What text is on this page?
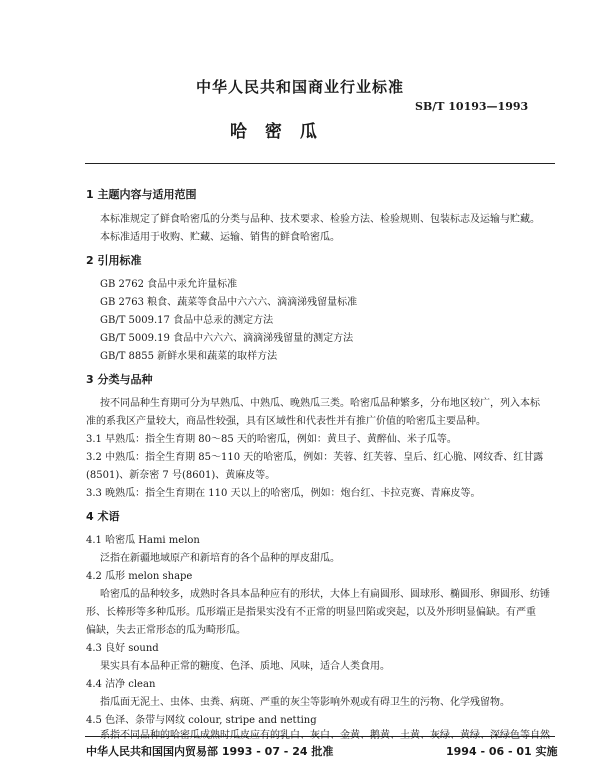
中华人民共和国商业行业标准
SB/T 10193—1993
哈 密 瓜
1 主题内容与适用范围
本标准规定了鲜食哈密瓜的分类与品种、技术要求、检验方法、检验规则、包装标志及运输与贮藏。
本标准适用于收购、贮藏、运输、销售的鲜食哈密瓜。
2 引用标准
GB 2762 食品中汞允许量标准
GB 2763 粮食、蔬菜等食品中六六六、滴滴涕残留量标准
GB/T 5009.17 食品中总汞的测定方法
GB/T 5009.19 食品中六六六、滴滴涕残留量的测定方法
GB/T 8855 新鲜水果和蔬菜的取样方法
3 分类与品种
按不同品种生育期可分为早熟瓜、中熟瓜、晚熟瓜三类。哈密瓜品种繁多，分布地区较广，列入本标
准的系我区产量较大，商品性较强，具有区域性和代表性并有推广价值的哈密瓜主要品种。
3.1 早熟瓜：指全生育期 80～85 天的哈密瓜，例如：黄旦子、黄醉仙、米子瓜等。
3.2 中熟瓜：指全生育期 85～110 天的哈密瓜，例如：芙蓉、红芙蓉、皇后、红心脆、网纹香、红甘露
(8501)、新奈密 7 号(8601)、黄麻皮等。
3.3 晚熟瓜：指全生育期在 110 天以上的哈密瓜，例如：炮台红、卡拉克赛、青麻皮等。
4 术语
4.1 哈密瓜 Hami melon
泛指在新疆地域原产和新培育的各个品种的厚皮甜瓜。
4.2 瓜形 melon shape
哈密瓜的品种较多，成熟时各具本品种应有的形状，大体上有扁圆形、圆球形、椭圆形、卵圆形、纺锤
形、长棒形等多种瓜形。瓜形端正是指果实没有不正常的明显凹陷或突起，以及外形明显偏缺。有严重
偏缺，失去正常形态的瓜为畸形瓜。
4.3 良好 sound
果实具有本品种正常的糖度、色泽、质地、风味，适合人类食用。
4.4 洁净 clean
指瓜面无泥土、虫体、虫粪、病斑、严重的灰尘等影响外观或有碍卫生的污物、化学残留物。
4.5 色泽、条带与网纹 colour, stripe and netting
系指不同品种的哈密瓜成熟时瓜皮应有的乳白、灰白、金黄、鹅黄、土黄、灰绿、黄绿、深绿色等自然
中华人民共和国国内贸易部 1993 - 07 - 24 批准	1994 - 06 - 01 实施
